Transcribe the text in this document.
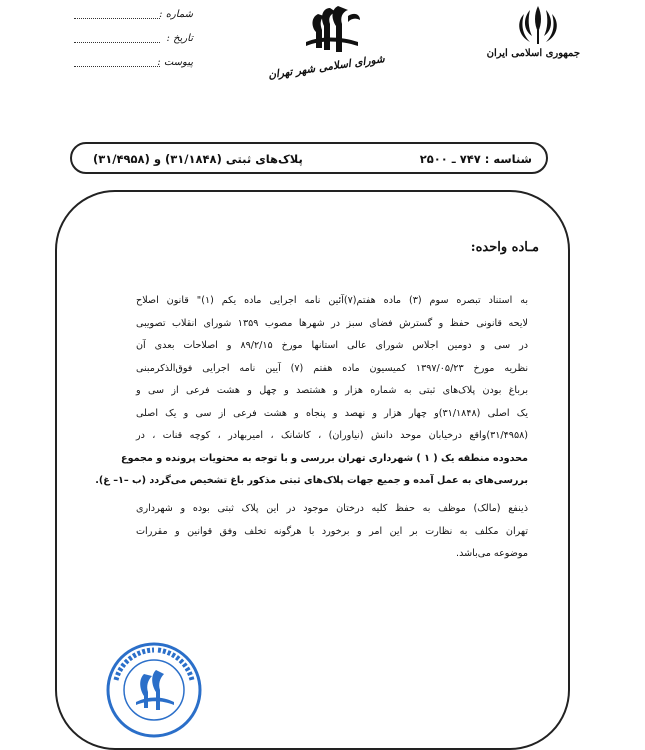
جمهوری اسلامی ایران
شورای اسلامی شهر تهران
شماره :
تاریخ :
پیوست :
شناسه : ۷۴۷ ـ ۲۵۰۰
پلاک‌های ثبتی (۳۱/۱۸۴۸) و (۳۱/۴۹۵۸)
مـاده واحده:
به استناد تبصره سوم (۳) ماده هفتم(۷)آئین نامه اجرایی ماده یکم (۱)" قانون اصلاح
لایحه قانونی حفظ و گسترش فضای سبز در شهرها مصوب ۱۳۵۹ شورای انقلاب تصویبی
در سی و دومین اجلاس شورای عالی استانها مورخ ۸۹/۲/۱۵ و اصلاحات بعدی آن
نظریه مورخ ۱۳۹۷/۰۵/۲۳ کمیسیون ماده هفتم (۷) آیین نامه اجرایی فوق‌الذکرمبنی
برباغ بودن پلاک‌های ثبتی به شماره هزار و هشتصد و چهل و هشت فرعی از سی و
یک اصلی (۳۱/۱۸۴۸)و چهار هزار و نهصد و پنجاه و هشت فرعی از سی و یک اصلی
(۳۱/۴۹۵۸)واقع درخیابان موحد دانش (نیاوران) ، کاشانک ، امیربهادر ، کوچه قنات ، در
محدوده منطقه یک ( ۱ ) شهرداری تهران بررسی و با توجه به محتویات پرونده و مجموع
بررسی‌های به عمل آمده و جمیع جهات پلاک‌های ثبتی مذکور باغ تشخیص می‌گردد (ب –۱– غ).
ذینفع (مالک) موظف به حفظ کلیه درختان موجود در این پلاک ثبتی بوده و شهرداری
تهران مکلف به نظارت بر این امر و برخورد با هرگونه تخلف وفق قوانین و مقررات
موضوعه می‌باشد.
